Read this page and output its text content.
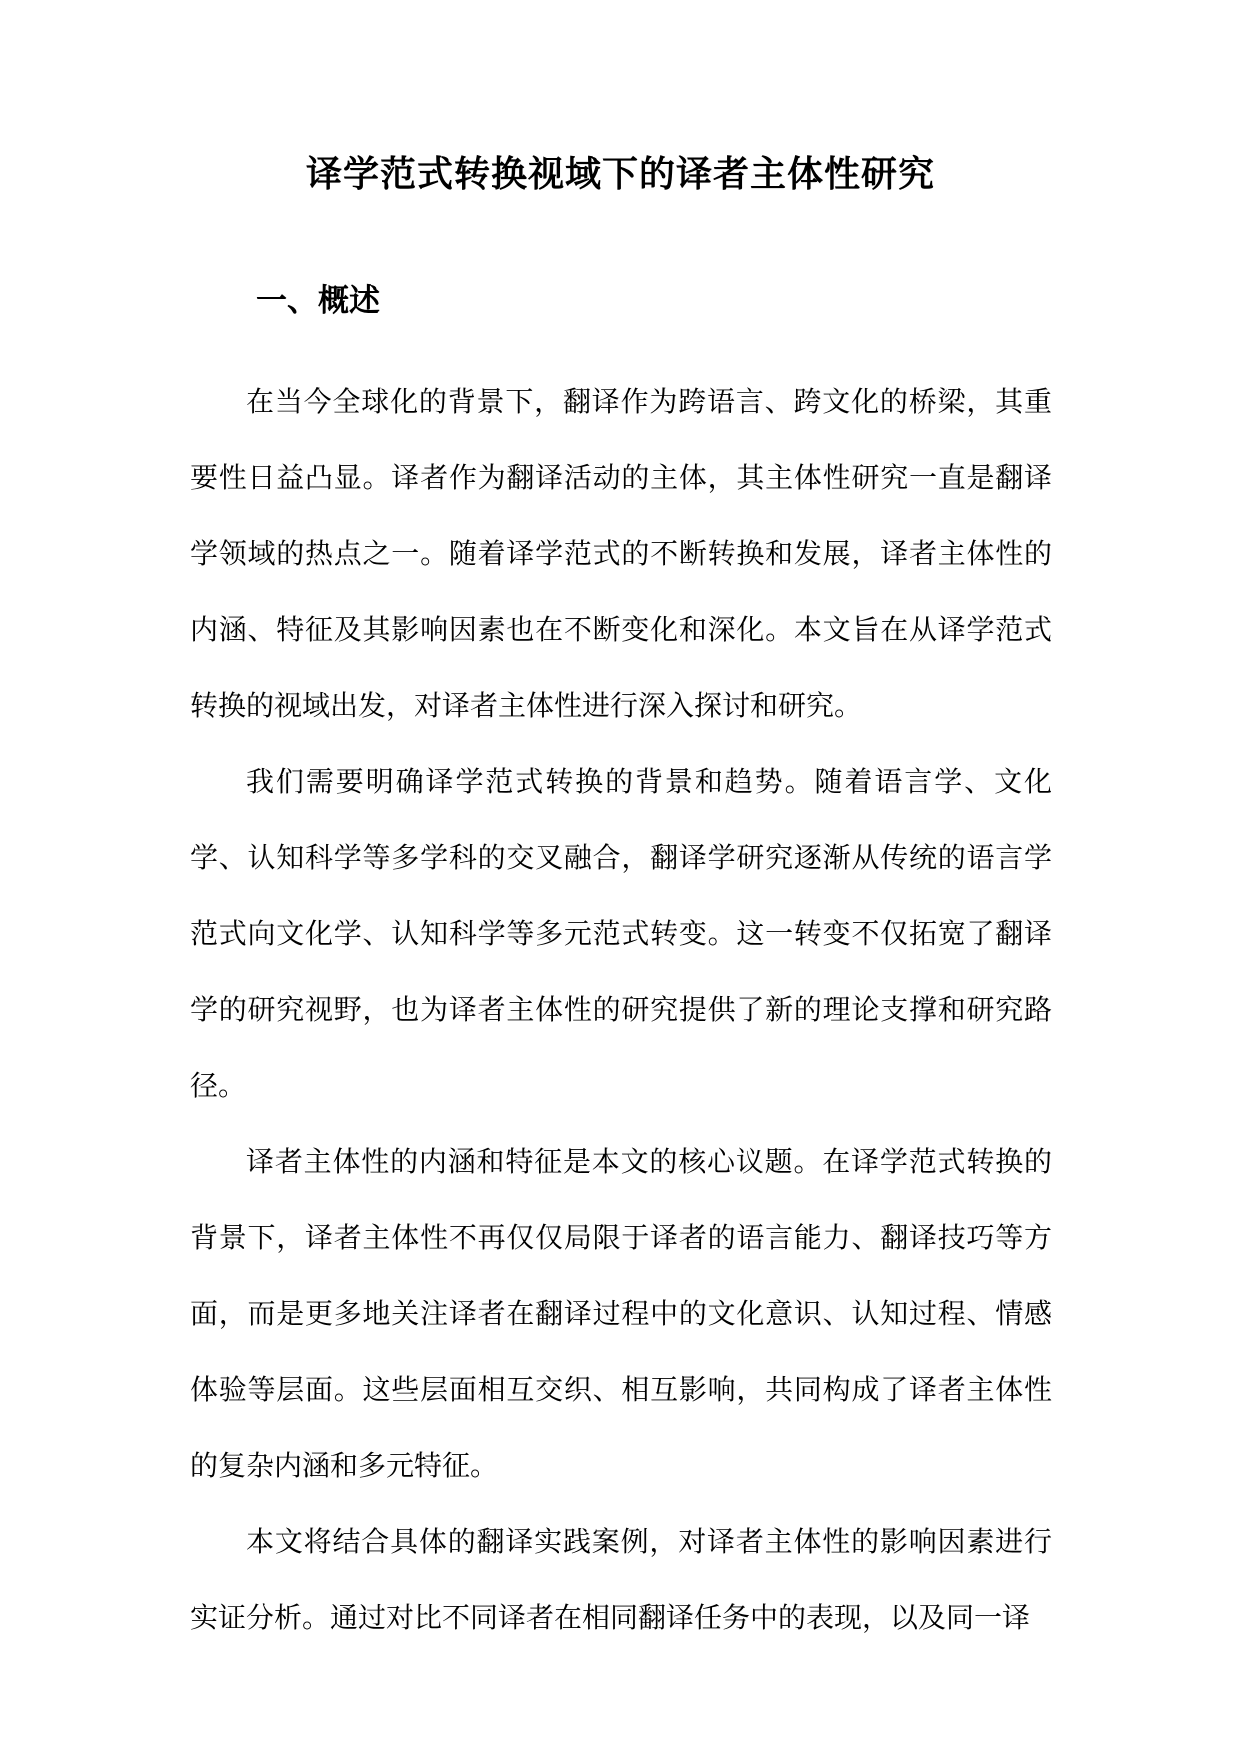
译学范式转换视域下的译者主体性研究
一、概述

在当今全球化的背景下，翻译作为跨语言、跨文化的桥梁，其重要性日益凸显。译者作为翻译活动的主体，其主体性研究一直是翻译学领域的热点之一。随着译学范式的不断转换和发展，译者主体性的内涵、特征及其影响因素也在不断变化和深化。本文旨在从译学范式转换的视域出发，对译者主体性进行深入探讨和研究。

我们需要明确译学范式转换的背景和趋势。随着语言学、文化学、认知科学等多学科的交叉融合，翻译学研究逐渐从传统的语言学范式向文化学、认知科学等多元范式转变。这一转变不仅拓宽了翻译学的研究视野，也为译者主体性的研究提供了新的理论支撑和研究路径。

译者主体性的内涵和特征是本文的核心议题。在译学范式转换的背景下，译者主体性不再仅仅局限于译者的语言能力、翻译技巧等方面，而是更多地关注译者在翻译过程中的文化意识、认知过程、情感体验等层面。这些层面相互交织、相互影响，共同构成了译者主体性的复杂内涵和多元特征。

本文将结合具体的翻译实践案例，对译者主体性的影响因素进行实证分析。通过对比不同译者在相同翻译任务中的表现，以及同一译
